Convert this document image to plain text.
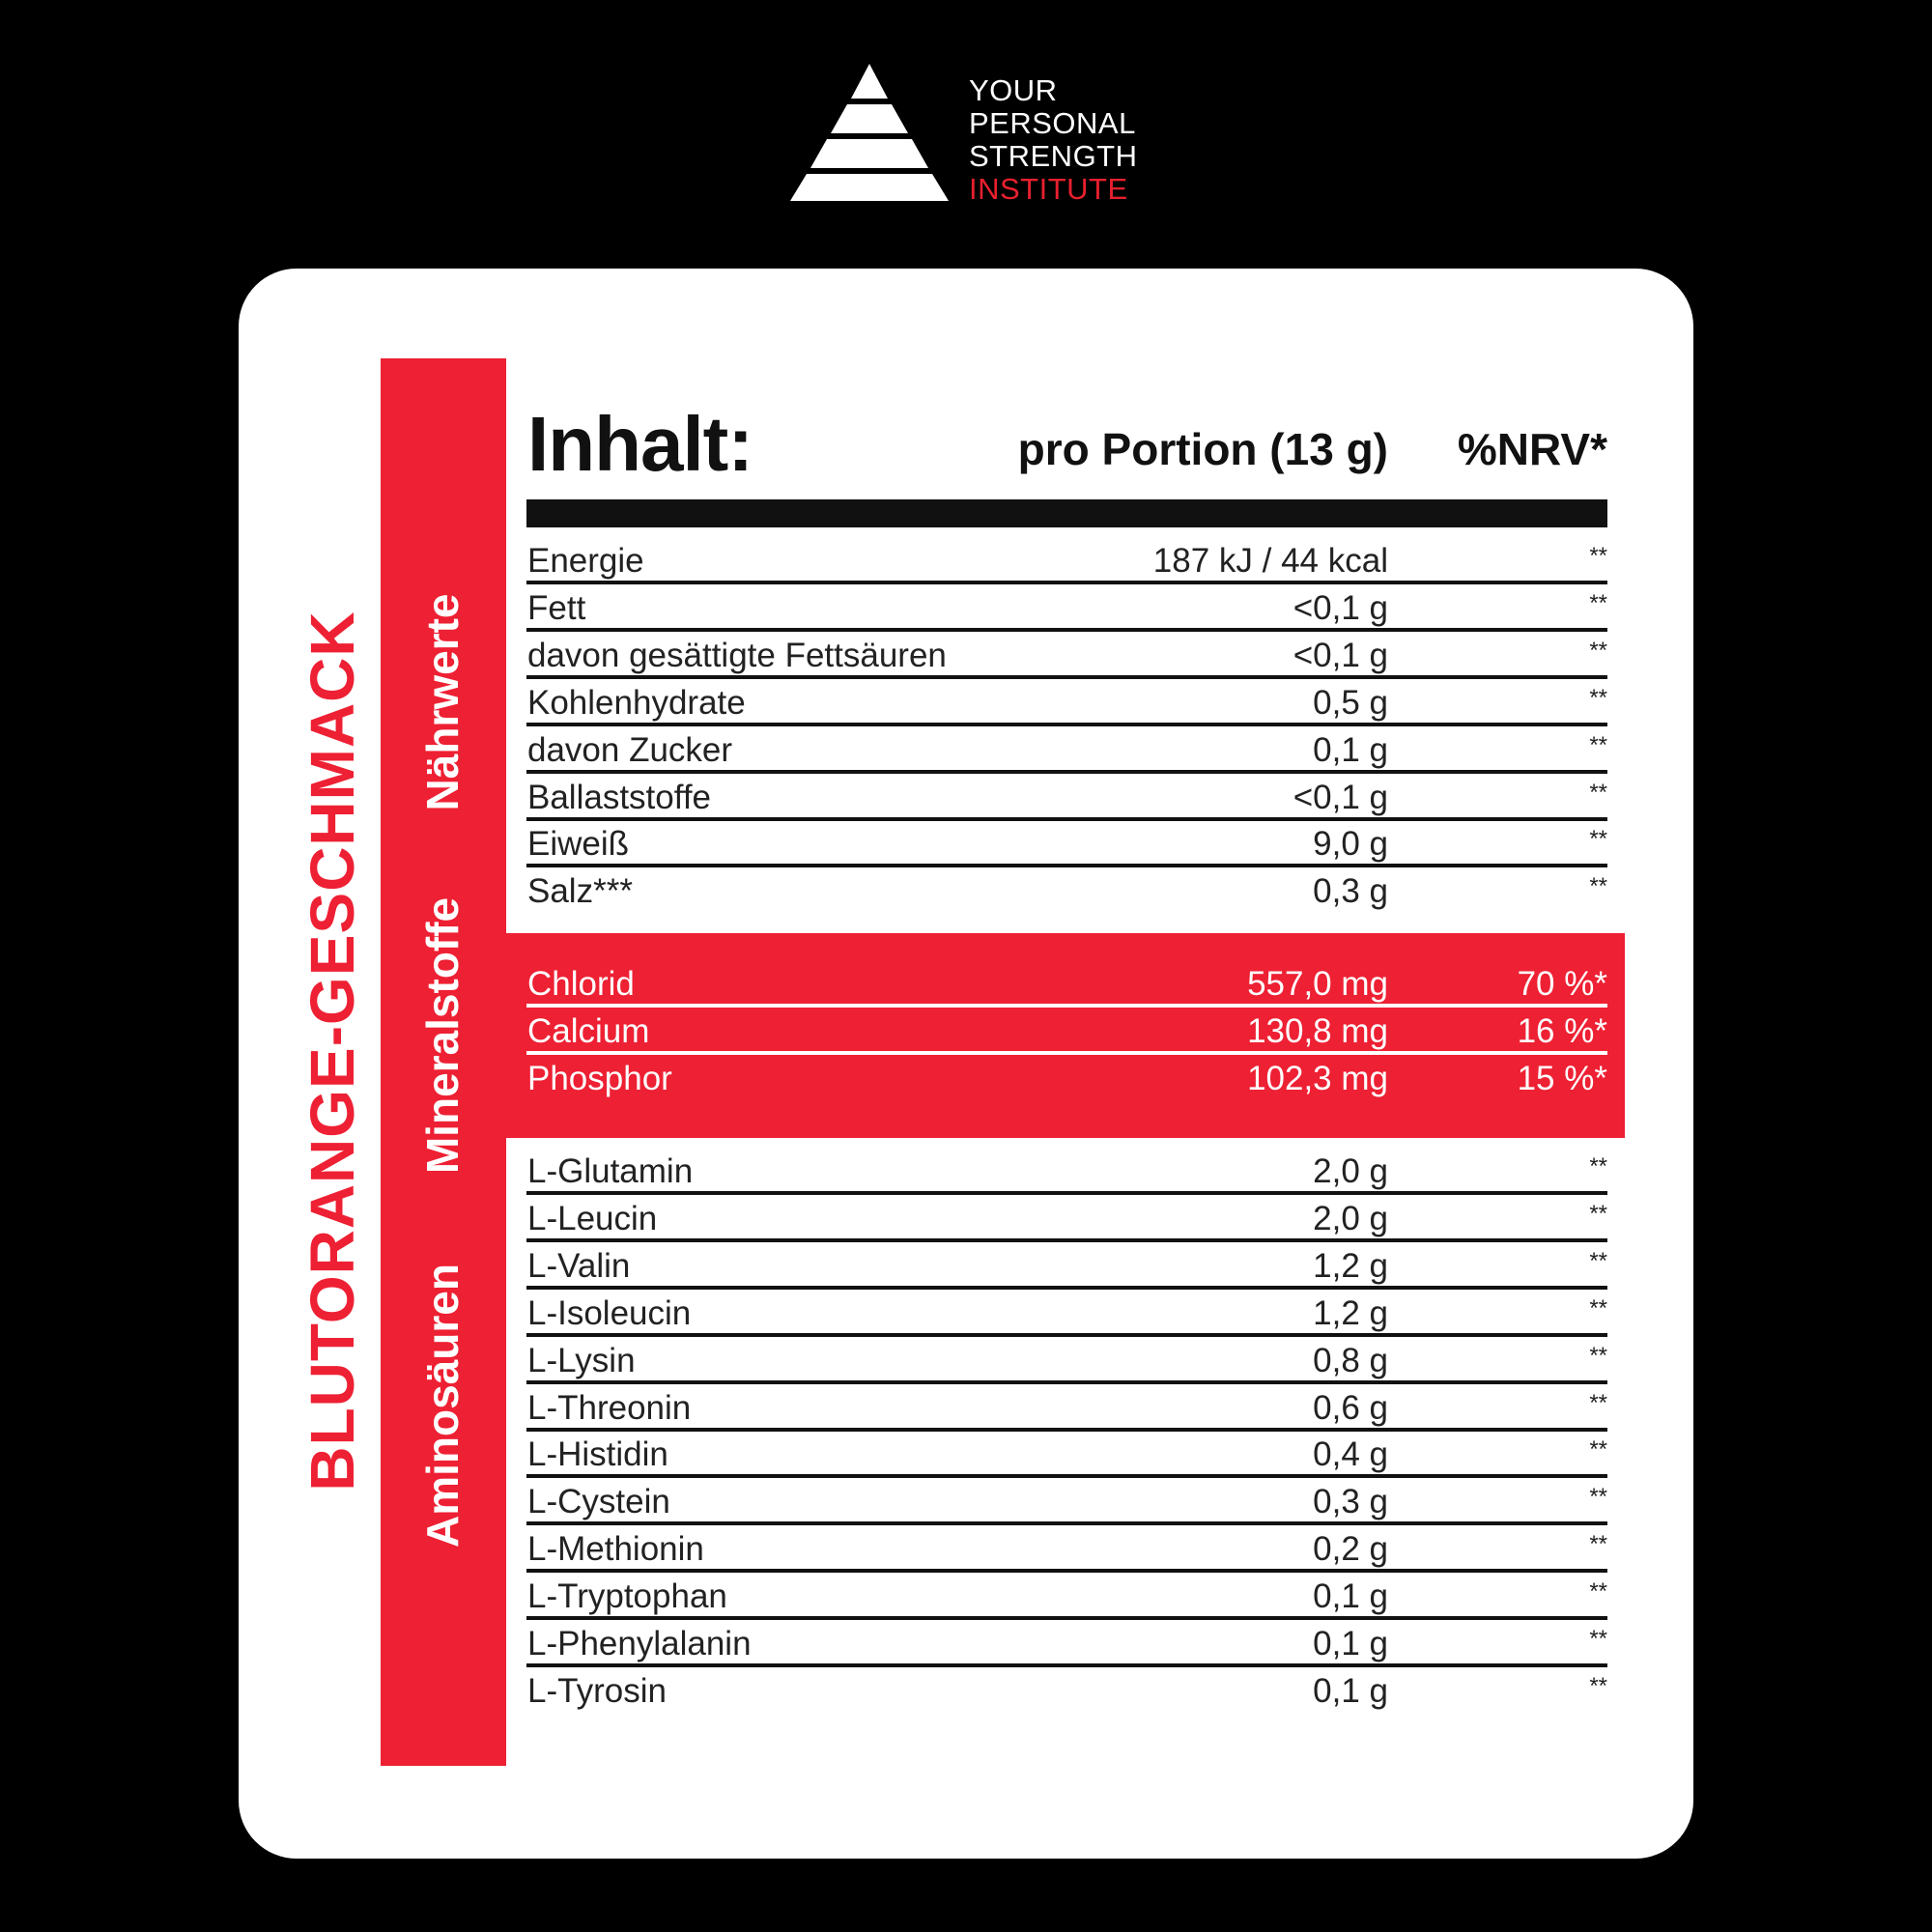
YOUR
PERSONAL
STRENGTH
INSTITUTE
BLUTORANGE-GESCHMACK Nährwerte
Mineralstoffe
Aminosäuren
Inhalt:	pro Portion (13 g) %NRV*
Energie	187 kJ / 44 kcal	**
Fett	<0,1 g	**
davon gesättigte Fettsäuren	<0,1 g	**
Kohlenhydrate	0,5 g	**
davon Zucker	0,1 g	**
Ballaststoffe	<0,1 g	**
Eiweiß	9,0 g	**
Salz***	0,3 g	**
Chlorid	557,0 mg	70 %*
Calcium	130,8 mg	16 %*
Phosphor	102,3 mg	15 %*
L-Glutamin	2,0 g	**
L-Leucin	2,0 g	**
L-Valin	1,2 g	**
L-Isoleucin	1,2 g	**
L-Lysin	0,8 g	**
L-Threonin	0,6 g	**
L-Histidin	0,4 g	**
L-Cystein	0,3 g	**
L-Methionin	0,2 g	**
L-Tryptophan	0,1 g	**
L-Phenylalanin	0,1 g	**
L-Tyrosin	0,1 g	**
